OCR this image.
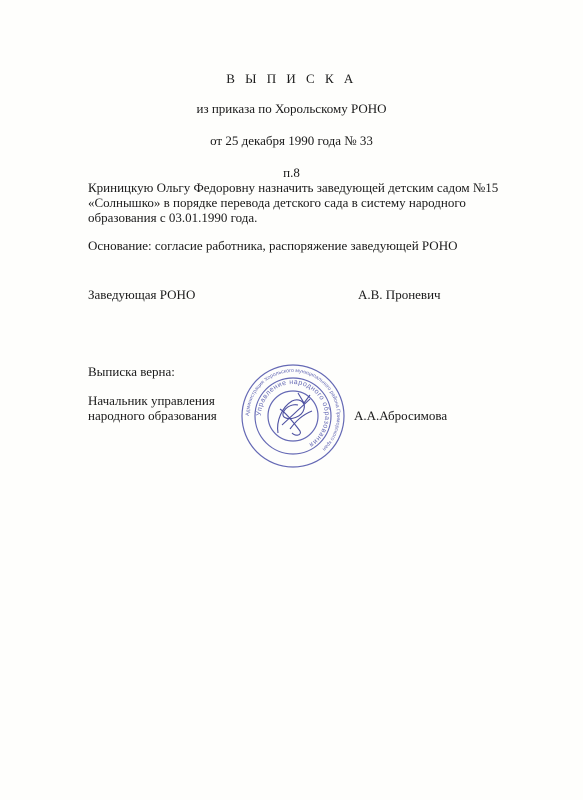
В Ы П И С К А
из приказа по Хорольскому РОНО
от 25 декабря 1990 года № 33
п.8
Криницкую Ольгу Федоровну назначить заведующей детским садом №15
«Солнышко» в порядке перевода детского сада в систему народного
образования с 03.01.1990 года.
Основание: согласие работника, распоряжение заведующей РОНО
Заведующая РОНО	А.В. Проневич
Выписка верна:
Начальник управления
народного образования	А.А.Абросимова
Администрация Хорольского муниципального района Приморского края
Управление народного образования
